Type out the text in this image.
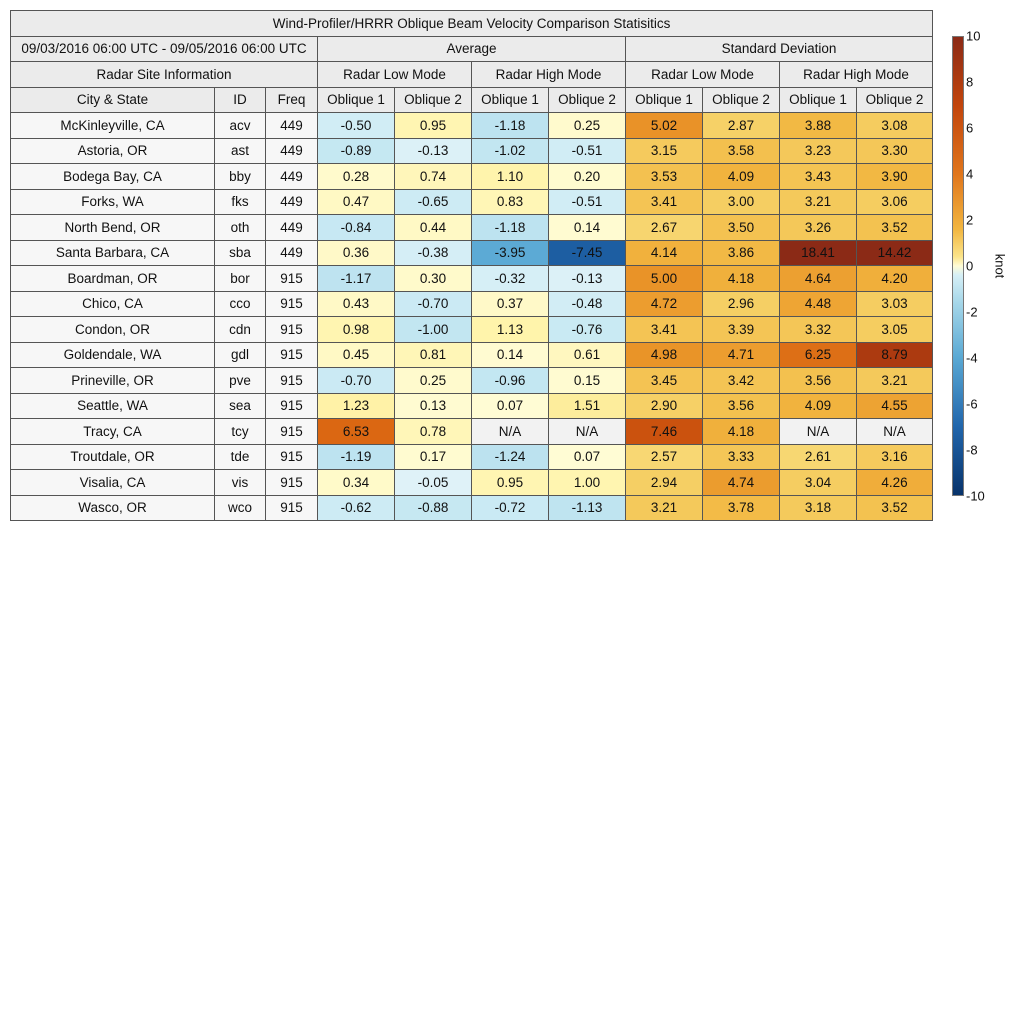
Wind-Profiler/HRRR Oblique Beam Velocity Comparison Statisitics										
09/03/2016 06:00 UTC - 09/05/2016 06:00 UTC			Average				Standard Deviation			
Radar Site Information			Radar Low Mode		Radar High Mode		Radar Low Mode		Radar High Mode	
City & State	ID	Freq	Oblique 1	Oblique 2	Oblique 1	Oblique 2	Oblique 1	Oblique 2	Oblique 1	Oblique 2
McKinleyville, CA	acv	449	-0.50	0.95	-1.18	0.25	5.02	2.87	3.88	3.08
Astoria, OR	ast	449	-0.89	-0.13	-1.02	-0.51	3.15	3.58	3.23	3.30
Bodega Bay, CA	bby	449	0.28	0.74	1.10	0.20	3.53	4.09	3.43	3.90
Forks, WA	fks	449	0.47	-0.65	0.83	-0.51	3.41	3.00	3.21	3.06
North Bend, OR	oth	449	-0.84	0.44	-1.18	0.14	2.67	3.50	3.26	3.52
Santa Barbara, CA	sba	449	0.36	-0.38	-3.95	-7.45	4.14	3.86	18.41	14.42
Boardman, OR	bor	915	-1.17	0.30	-0.32	-0.13	5.00	4.18	4.64	4.20
Chico, CA	cco	915	0.43	-0.70	0.37	-0.48	4.72	2.96	4.48	3.03
Condon, OR	cdn	915	0.98	-1.00	1.13	-0.76	3.41	3.39	3.32	3.05
Goldendale, WA	gdl	915	0.45	0.81	0.14	0.61	4.98	4.71	6.25	8.79
Prineville, OR	pve	915	-0.70	0.25	-0.96	0.15	3.45	3.42	3.56	3.21
Seattle, WA	sea	915	1.23	0.13	0.07	1.51	2.90	3.56	4.09	4.55
Tracy, CA	tcy	915	6.53	0.78	N/A	N/A	7.46	4.18	N/A	N/A
Troutdale, OR	tde	915	-1.19	0.17	-1.24	0.07	2.57	3.33	2.61	3.16
Visalia, CA	vis	915	0.34	-0.05	0.95	1.00	2.94	4.74	3.04	4.26
Wasco, OR	wco	915	-0.62	-0.88	-0.72	-1.13	3.21	3.78	3.18	3.52
10
8
6
4
2
0
-2
-4
-6
-8
-10
knot
